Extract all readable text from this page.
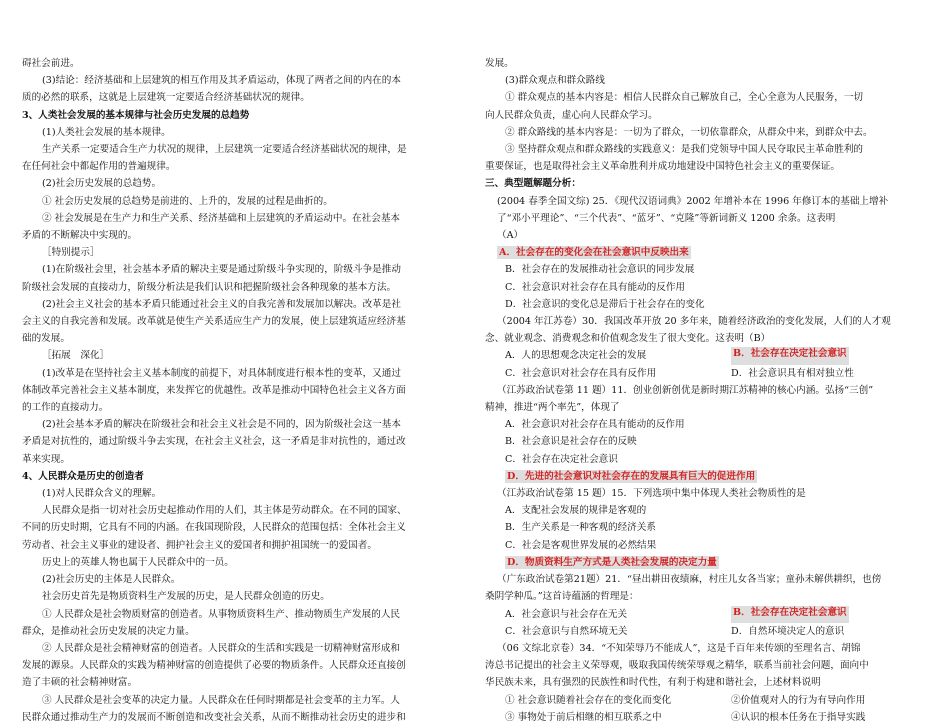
碍社会前进。
(3)结论：经济基础和上层建筑的相互作用及其矛盾运动，体现了两者之间的内在的本
质的必然的联系，这就是上层建筑一定要适合经济基础状况的规律。
3、人类社会发展的基本规律与社会历史发展的总趋势
(1)人类社会发展的基本规律。
生产关系一定要适合生产力状况的规律，上层建筑一定要适合经济基础状况的规律，是
在任何社会中都起作用的普遍规律。
(2)社会历史发展的总趋势。
① 社会历史发展的总趋势是前进的、上升的，发展的过程是曲折的。
② 社会发展是在生产力和生产关系、经济基础和上层建筑的矛盾运动中。在社会基本
矛盾的不断解决中实现的。
［特别提示］
(1)在阶级社会里，社会基本矛盾的解决主要是通过阶级斗争实现的，阶级斗争是推动
阶级社会发展的直接动力，阶级分析法是我们认识和把握阶级社会各种现象的基本方法。
(2)社会主义社会的基本矛盾只能通过社会主义的自我完善和发展加以解决。改革是社
会主义的自我完善和发展。改革就是使生产关系适应生产力的发展，使上层建筑适应经济基
础的发展。
［拓展　深化］
(1)改革是在坚持社会主义基本制度的前提下，对具体制度进行根本性的变革，又通过
体制改革完善社会主义基本制度，来发挥它的优越性。改革是推动中国特色社会主义各方面
的工作的直接动力。
(2)社会基本矛盾的解决在阶级社会和社会主义社会是不同的，因为阶级社会这一基本
矛盾是对抗性的，通过阶级斗争去实现，在社会主义社会，这一矛盾是非对抗性的，通过改
革来实现。
4、人民群众是历史的创造者
(1)对人民群众含义的理解。
人民群众是指一切对社会历史起推动作用的人们，其主体是劳动群众。在不同的国家、
不同的历史时期，它具有不同的内涵。在我国现阶段，人民群众的范围包括：全体社会主义
劳动者、社会主义事业的建设者、拥护社会主义的爱国者和拥护祖国统一的爱国者。
历史上的英雄人物也属于人民群众中的一员。
(2)社会历史的主体是人民群众。
社会历史首先是物质资料生产发展的历史，是人民群众创造的历史。
① 人民群众是社会物质财富的创造者。从事物质资料生产、推动物质生产发展的人民
群众，是推动社会历史发展的决定力量。
② 人民群众是社会精神财富的创造者。人民群众的生活和实践是一切精神财富形成和
发展的源泉。人民群众的实践为精神财富的创造提供了必要的物质条件。人民群众还直接创
造了丰硕的社会精神财富。
③ 人民群众是社会变革的决定力量。人民群众在任何时期都是社会变革的主力军。人
民群众通过推动生产力的发展而不断创造和改变社会关系，从而不断推动社会历史的进步和
发展。
(3)群众观点和群众路线
① 群众观点的基本内容是：相信人民群众自己解放自己，全心全意为人民服务，一切
向人民群众负责，虚心向人民群众学习。
② 群众路线的基本内容是：一切为了群众，一切依靠群众，从群众中来，到群众中去。
③ 坚持群众观点和群众路线的实践意义：是我们党领导中国人民夺取民主革命胜利的
重要保证，也是取得社会主义革命胜利并成功地建设中国特色社会主义的重要保证。
三、典型题解题分析：
(2004 春季全国文综) 25．《现代汉语词典》2002 年增补本在 1996 年修订本的基础上增补
了“邓小平理论”、“三个代表”、“蓝牙”、“克隆”等新词新义 1200 余条。这表明
（A）
A．社会存在的变化会在社会意识中反映出来
B．社会存在的发展推动社会意识的同步发展
C．社会意识对社会存在具有能动的反作用
D．社会意识的变化总是滞后于社会存在的变化
（2004 年江苏卷）30．我国改革开放 20 多年来，随着经济政治的变化发展，人们的人才观
念、就业观念、消费观念和价值观念发生了很大变化。这表明（B）
A．人的思想观念决定社会的发展	B．社会存在决定社会意识
C．社会意识对社会存在具有反作用	D．社会意识具有相对独立性
（江苏政治试卷第 11 题）11．创业创新创优是新时期江苏精神的核心内涵。弘扬“三创”
精神，推进“两个率先”，体现了
A．社会意识对社会存在具有能动的反作用
B．社会意识是社会存在的反映
C．社会存在决定社会意识
D．先进的社会意识对社会存在的发展具有巨大的促进作用
（江苏政治试卷第 15 题）15．下列选项中集中体现人类社会物质性的是
A．支配社会发展的规律是客观的
B．生产关系是一种客观的经济关系
C．社会是客观世界发展的必然结果
D．物质资料生产方式是人类社会发展的决定力量
（广东政治试卷第21题）21．“昼出耕田夜绩麻，村庄儿女各当家；童孙未解供耕织，也傍
桑阴学种瓜。”这首诗蕴涵的哲理是：
A．社会意识与社会存在无关	B．社会存在决定社会意识
C．社会意识与自然环境无关	D．自然环境决定人的意识
（06 文综北京卷）34．“不知荣辱乃不能成人”，这是千百年来传颂的至理名言、胡锦
涛总书记提出的社会主义荣辱观，吸取我国传统荣辱观之精华，联系当前社会问题，面向中
华民族未来，具有强烈的民族性和时代性，有利于构建和谐社会，上述材料说明
① 社会意识随着社会存在的变化而变化	②价值观对人的行为有导向作用
③ 事物处于前后相继的相互联系之中	④认识的根本任务在于指导实践
